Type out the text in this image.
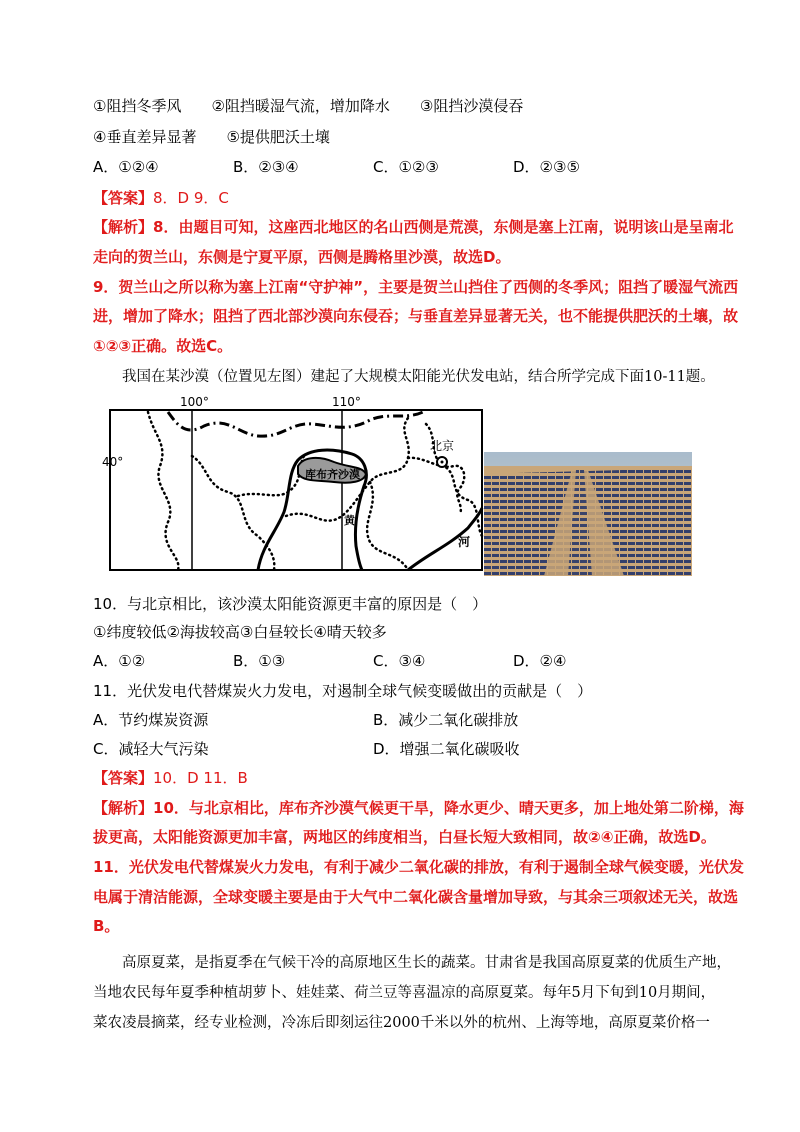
①阻挡冬季风　　②阻挡暖湿气流，增加降水　　③阻挡沙漠侵吞
④垂直差异显著　　⑤提供肥沃土壤
A．①②④	B．②③④	C．①②③	D．②③⑤
【答案】8．D 9．C
【解析】8．由题目可知，这座西北地区的名山西侧是荒漠，东侧是塞上江南，说明该山是呈南北
走向的贺兰山，东侧是宁夏平原，西侧是腾格里沙漠，故选D。
9．贺兰山之所以称为塞上江南“守护神”，主要是贺兰山挡住了西侧的冬季风；阻挡了暖湿气流西
进，增加了降水；阻挡了西北部沙漠向东侵吞；与垂直差异显著无关，也不能提供肥沃的土壤，故
①②③正确。故选C。
我国在某沙漠（位置见左图）建起了大规模太阳能光伏发电站，结合所学完成下面10-11题。
100°	110°
40°
库布齐沙漠
黄
河
北京
10．与北京相比，该沙漠太阳能资源更丰富的原因是（　）
①纬度较低②海拔较高③白昼较长④晴天较多
A．①②	B．①③	C．③④	D．②④
11．光伏发电代替煤炭火力发电，对遏制全球气候变暖做出的贡献是（　）
A．节约煤炭资源	B．减少二氧化碳排放
C．减轻大气污染	D．增强二氧化碳吸收
【答案】10．D 11．B
【解析】10．与北京相比，库布齐沙漠气候更干旱，降水更少、晴天更多，加上地处第二阶梯，海
拔更高，太阳能资源更加丰富，两地区的纬度相当，白昼长短大致相同，故②④正确，故选D。
11．光伏发电代替煤炭火力发电，有利于减少二氧化碳的排放，有利于遏制全球气候变暖，光伏发
电属于清洁能源，全球变暖主要是由于大气中二氧化碳含量增加导致，与其余三项叙述无关，故选
B。
高原夏菜，是指夏季在气候干冷的高原地区生长的蔬菜。甘肃省是我国高原夏菜的优质生产地，
当地农民每年夏季种植胡萝卜、娃娃菜、荷兰豆等喜温凉的高原夏菜。每年5月下旬到10月期间，
菜农凌晨摘菜，经专业检测，冷冻后即刻运往2000千米以外的杭州、上海等地，高原夏菜价格一
